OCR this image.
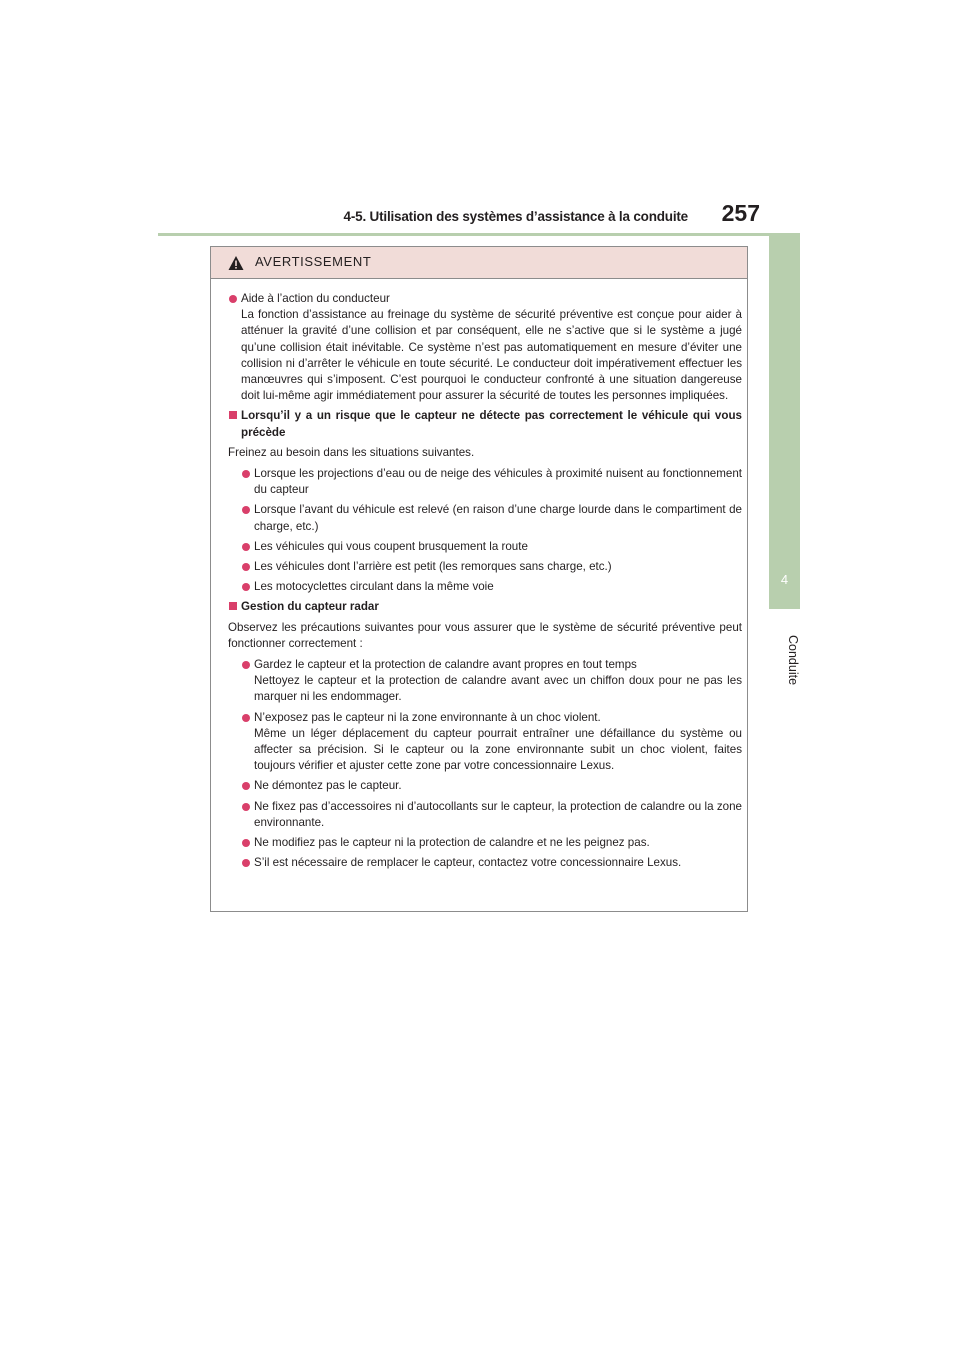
4-5. Utilisation des systèmes d’assistance à la conduite 257
4
Conduite
AVERTISSEMENT

Aide à l’action du conducteur

La fonction d’assistance au freinage du système de sécurité préventive est conçue pour aider à atténuer la gravité d’une collision et par conséquent, elle ne s’active que si le système a jugé qu’une collision était inévitable. Ce système n’est pas automatiquement en mesure d’éviter une collision ni d’arrêter le véhicule en toute sécurité. Le conducteur doit impérativement effectuer les manœuvres qui s’imposent. C’est pourquoi le conducteur confronté à une situation dangereuse doit lui-même agir immédiatement pour assurer la sécurité de toutes les personnes impliquées.

Lorsqu’il y a un risque que le capteur ne détecte pas correctement le véhicule qui vous précède

Freinez au besoin dans les situations suivantes.

Lorsque les projections d’eau ou de neige des véhicules à proximité nuisent au fonctionnement du capteur

Lorsque l’avant du véhicule est relevé (en raison d’une charge lourde dans le compartiment de charge, etc.)

Les véhicules qui vous coupent brusquement la route

Les véhicules dont l’arrière est petit (les remorques sans charge, etc.)

Les motocyclettes circulant dans la même voie

Gestion du capteur radar

Observez les précautions suivantes pour vous assurer que le système de sécurité préventive peut fonctionner correctement :

Gardez le capteur et la protection de calandre avant propres en tout temps

Nettoyez le capteur et la protection de calandre avant avec un chiffon doux pour ne pas les marquer ni les endommager.

N’exposez pas le capteur ni la zone environnante à un choc violent.

Même un léger déplacement du capteur pourrait entraîner une défaillance du système ou affecter sa précision. Si le capteur ou la zone environnante subit un choc violent, faites toujours vérifier et ajuster cette zone par votre concessionnaire Lexus.

Ne démontez pas le capteur.

Ne fixez pas d’accessoires ni d’autocollants sur le capteur, la protection de calandre ou la zone environnante.

Ne modifiez pas le capteur ni la protection de calandre et ne les peignez pas.

S’il est nécessaire de remplacer le capteur, contactez votre concessionnaire Lexus.
